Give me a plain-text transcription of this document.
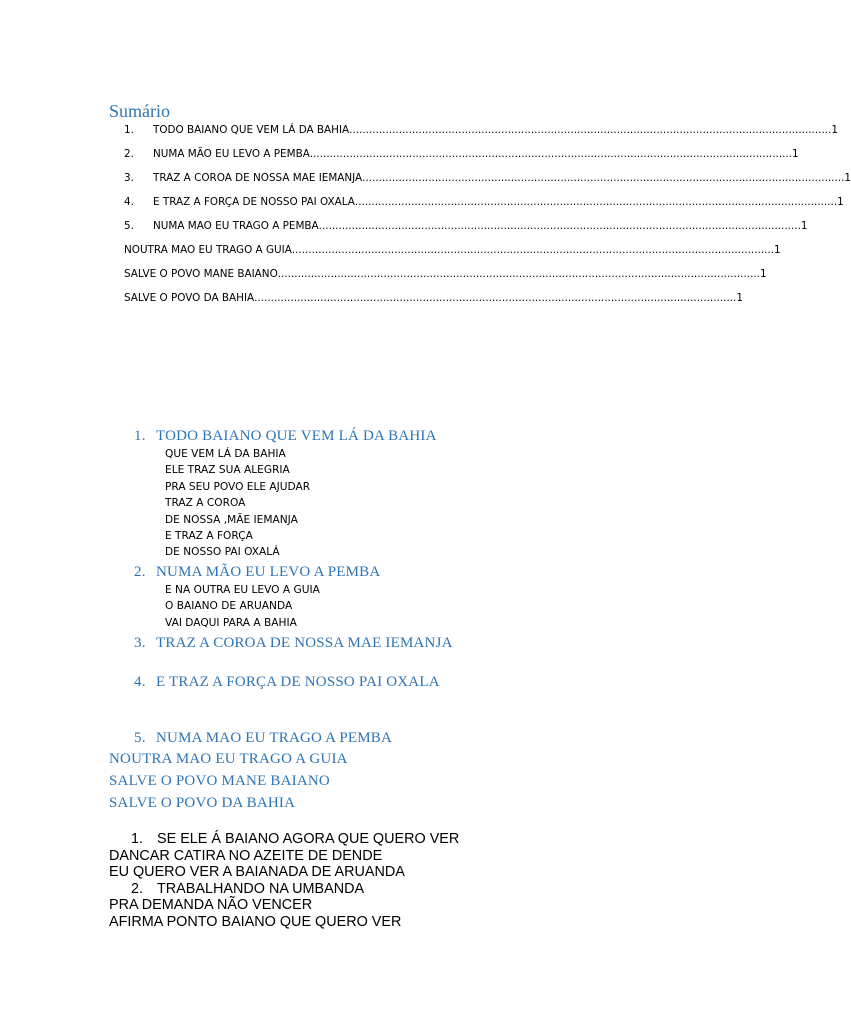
Sumário
1. TODO BAIANO QUE VEM LÁ DA BAHIA .................................................................................................................................................. 1
2. NUMA MÃO EU LEVO A PEMBA .................................................................................................................................................. 1
3. TRAZ A COROA DE NOSSA MAE IEMANJA .................................................................................................................................................. 1
4. E TRAZ A FORÇA DE NOSSO PAI OXALA .................................................................................................................................................. 1
5. NUMA MAO EU TRAGO A PEMBA .................................................................................................................................................. 1
NOUTRA MAO EU TRAGO A GUIA .................................................................................................................................................. 1
SALVE O POVO MANE BAIANO .................................................................................................................................................. 1
SALVE O POVO DA BAHIA .................................................................................................................................................. 1
1. TODO BAIANO QUE VEM LÁ DA BAHIA
QUE VEM LÁ DA BAHIA
ELE TRAZ SUA ALEGRIA
PRA SEU POVO ELE AJUDAR
TRAZ A COROA
DE NOSSA ,MÃE IEMANJA
E TRAZ A FORÇA
DE NOSSO PAI OXALÁ
2. NUMA MÃO EU LEVO A PEMBA
E NA OUTRA EU LEVO A GUIA
O BAIANO DE ARUANDA
VAI DAQUI PARA A BAHIA
3. TRAZ A COROA DE NOSSA MAE IEMANJA
4. E TRAZ A FORÇA DE NOSSO PAI OXALA
5. NUMA MAO EU TRAGO A PEMBA
NOUTRA MAO EU TRAGO A GUIA
SALVE O POVO MANE BAIANO
SALVE O POVO DA BAHIA
1. SE ELE Á BAIANO AGORA QUE QUERO VER
DANCAR CATIRA NO AZEITE DE DENDE
EU QUERO VER A BAIANADA DE ARUANDA
2. TRABALHANDO NA UMBANDA
PRA DEMANDA NÃO VENCER
AFIRMA PONTO BAIANO QUE QUERO VER
